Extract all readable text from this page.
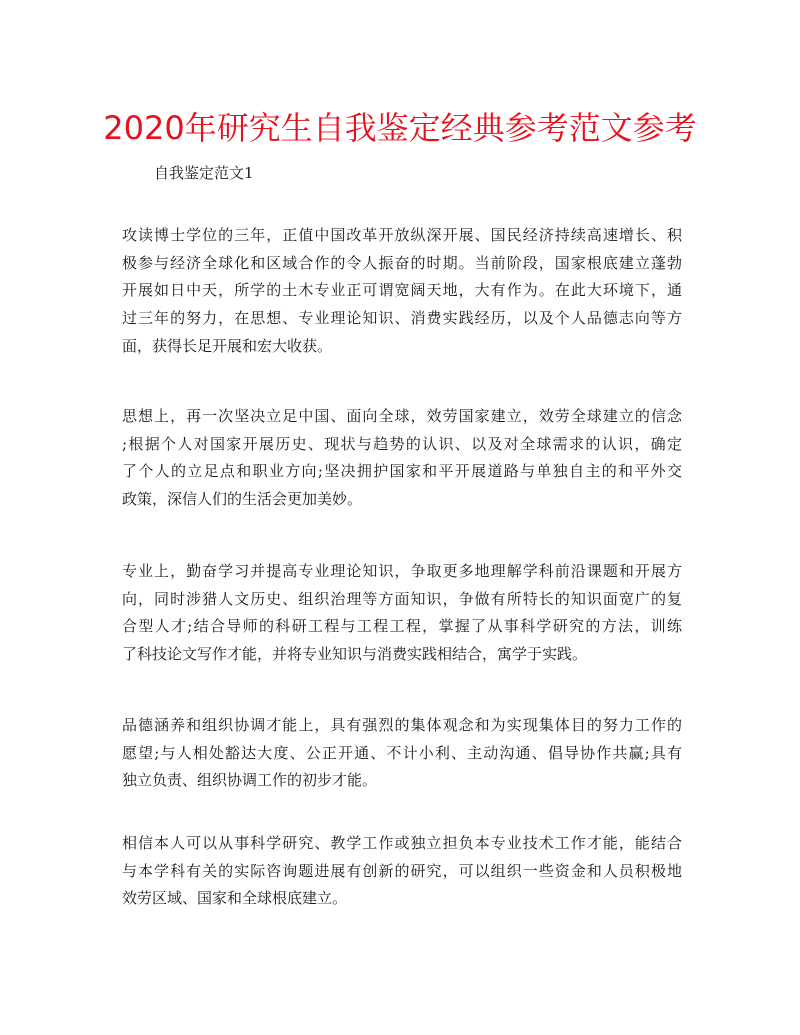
2020年研究生自我鉴定经典参考范文参考
自我鉴定范文1
攻读博士学位的三年，正值中国改革开放纵深开展、国民经济持续高速增长、积
极参与经济全球化和区域合作的令人振奋的时期。当前阶段，国家根底建立蓬勃
开展如日中天，所学的土木专业正可谓宽阔天地，大有作为。在此大环境下，通
过三年的努力，在思想、专业理论知识、消费实践经历，以及个人品德志向等方
面，获得长足开展和宏大收获。
思想上，再一次坚决立足中国、面向全球，效劳国家建立，效劳全球建立的信念
;根据个人对国家开展历史、现状与趋势的认识、以及对全球需求的认识，确定
了个人的立足点和职业方向;坚决拥护国家和平开展道路与单独自主的和平外交
政策，深信人们的生活会更加美妙。
专业上，勤奋学习并提高专业理论知识，争取更多地理解学科前沿课题和开展方
向，同时涉猎人文历史、组织治理等方面知识，争做有所特长的知识面宽广的复
合型人才;结合导师的科研工程与工程工程，掌握了从事科学研究的方法，训练
了科技论文写作才能，并将专业知识与消费实践相结合，寓学于实践。
品德涵养和组织协调才能上，具有强烈的集体观念和为实现集体目的努力工作的
愿望;与人相处豁达大度、公正开通、不计小利、主动沟通、倡导协作共赢;具有
独立负责、组织协调工作的初步才能。
相信本人可以从事科学研究、教学工作或独立担负本专业技术工作才能，能结合
与本学科有关的实际咨询题进展有创新的研究，可以组织一些资金和人员积极地
效劳区域、国家和全球根底建立。
